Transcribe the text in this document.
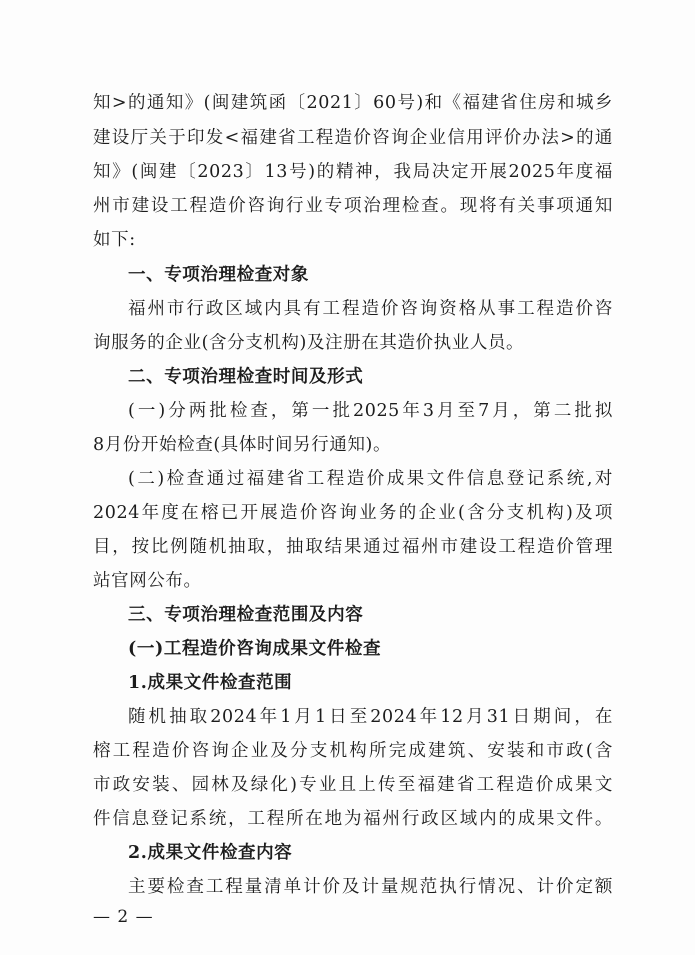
知>的通知》(闽建筑函〔2021〕60号)和《福建省住房和城乡
建设厅关于印发<福建省工程造价咨询企业信用评价办法>的通
知》(闽建〔2023〕13号)的精神，我局决定开展2025年度福
州市建设工程造价咨询行业专项治理检查。现将有关事项通知
如下:
一、专项治理检查对象
福州市行政区域内具有工程造价咨询资格从事工程造价咨
询服务的企业(含分支机构)及注册在其造价执业人员。
二、专项治理检查时间及形式
(一)分两批检查，第一批2025年3月至7月，第二批拟
8月份开始检查(具体时间另行通知)。
(二)检查通过福建省工程造价成果文件信息登记系统,对
2024年度在榕已开展造价咨询业务的企业(含分支机构)及项
目，按比例随机抽取，抽取结果通过福州市建设工程造价管理
站官网公布。
三、专项治理检查范围及内容
(一)工程造价咨询成果文件检查
1.成果文件检查范围
随机抽取2024年1月1日至2024年12月31日期间，在
榕工程造价咨询企业及分支机构所完成建筑、安装和市政(含
市政安装、园林及绿化)专业且上传至福建省工程造价成果文
件信息登记系统，工程所在地为福州行政区域内的成果文件。
2.成果文件检查内容
主要检查工程量清单计价及计量规范执行情况、计价定额
— 2 —
